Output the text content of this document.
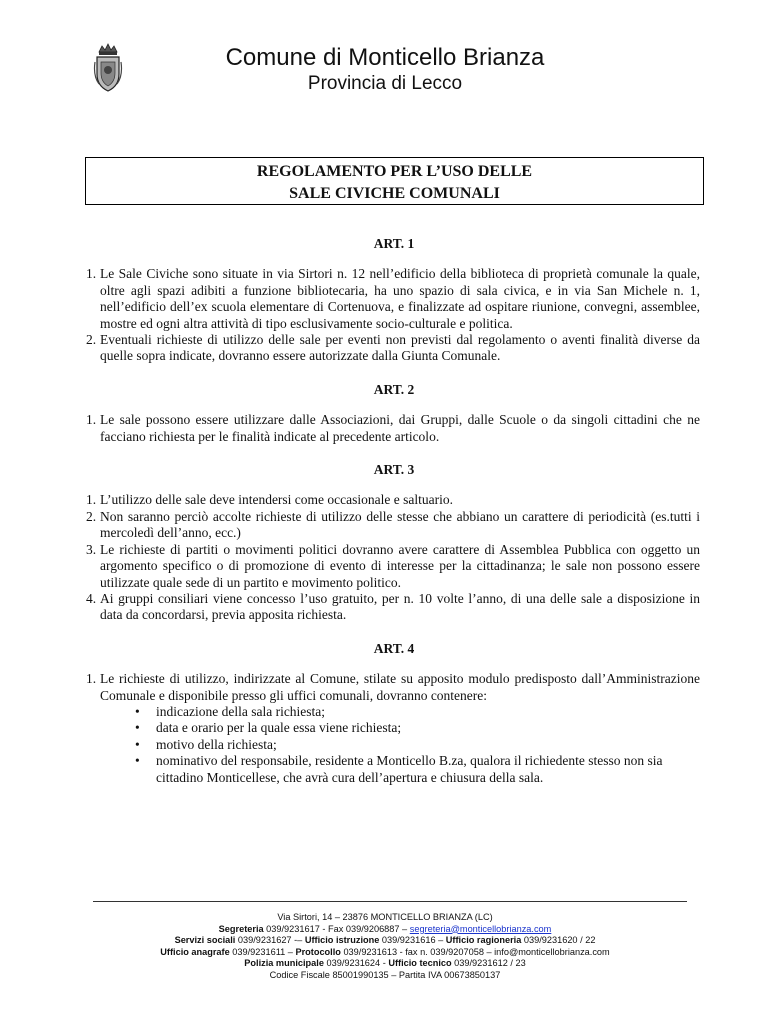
Comune di Monticello Brianza
Provincia di Lecco
REGOLAMENTO PER L’USO DELLE
SALE CIVICHE COMUNALI
ART. 1

1. Le Sale Civiche sono situate in via Sirtori n. 12 nell’edificio della biblioteca di proprietà comunale la quale, oltre agli spazi adibiti a funzione bibliotecaria, ha uno spazio di sala civica, e in via San Michele n. 1, nell’edificio dell’ex scuola elementare di Cortenuova, e finalizzate ad ospitare riunione, convegni, assemblee, mostre ed ogni altra attività di tipo esclusivamente socio-culturale e politica.

2. Eventuali richieste di utilizzo delle sale per eventi non previsti dal regolamento o aventi finalità diverse da quelle sopra indicate, dovranno essere autorizzate dalla Giunta Comunale.

ART. 2

1. Le sale possono essere utilizzare dalle Associazioni, dai Gruppi, dalle Scuole o da singoli cittadini che ne facciano richiesta per le finalità indicate al precedente articolo.

ART. 3

1. L’utilizzo delle sale deve intendersi come occasionale e saltuario.

2. Non saranno perciò accolte richieste di utilizzo delle stesse che abbiano un carattere di periodicità (es.tutti i mercoledì dell’anno, ecc.)

3. Le richieste di partiti o movimenti politici dovranno avere carattere di Assemblea Pubblica con oggetto un argomento specifico o di promozione di evento di interesse per la cittadinanza; le sale non possono essere utilizzate quale sede di un partito e movimento politico.

4. Ai gruppi consiliari viene concesso l’uso gratuito, per n. 10 volte l’anno, di una delle sale a disposizione in data da concordarsi, previa apposita richiesta.

ART. 4

1. Le richieste di utilizzo, indirizzate al Comune, stilate su apposito modulo predisposto dall’Amministrazione Comunale e disponibile presso gli uffici comunali, dovranno contenere:

• indicazione della sala richiesta;
• data e orario per la quale essa viene richiesta;
• motivo della richiesta;
• nominativo del responsabile, residente a Monticello B.za, qualora il richiedente stesso non sia cittadino Monticellese, che avrà cura dell’apertura e chiusura della sala.
Via Sirtori, 14 – 23876 MONTICELLO BRIANZA (LC)
Segreteria 039/9231617 - Fax 039/9206887 – segreteria@monticellobrianza.com
Servizi sociali 039/9231627 -– Ufficio istruzione 039/9231616 – Ufficio ragioneria 039/9231620 / 22
Ufficio anagrafe 039/9231611 – Protocollo 039/9231613 - fax n. 039/9207058 – info@monticellobrianza.com
Polizia municipale 039/9231624 - Ufficio tecnico 039/9231612 / 23
Codice Fiscale 85001990135 – Partita IVA 00673850137
